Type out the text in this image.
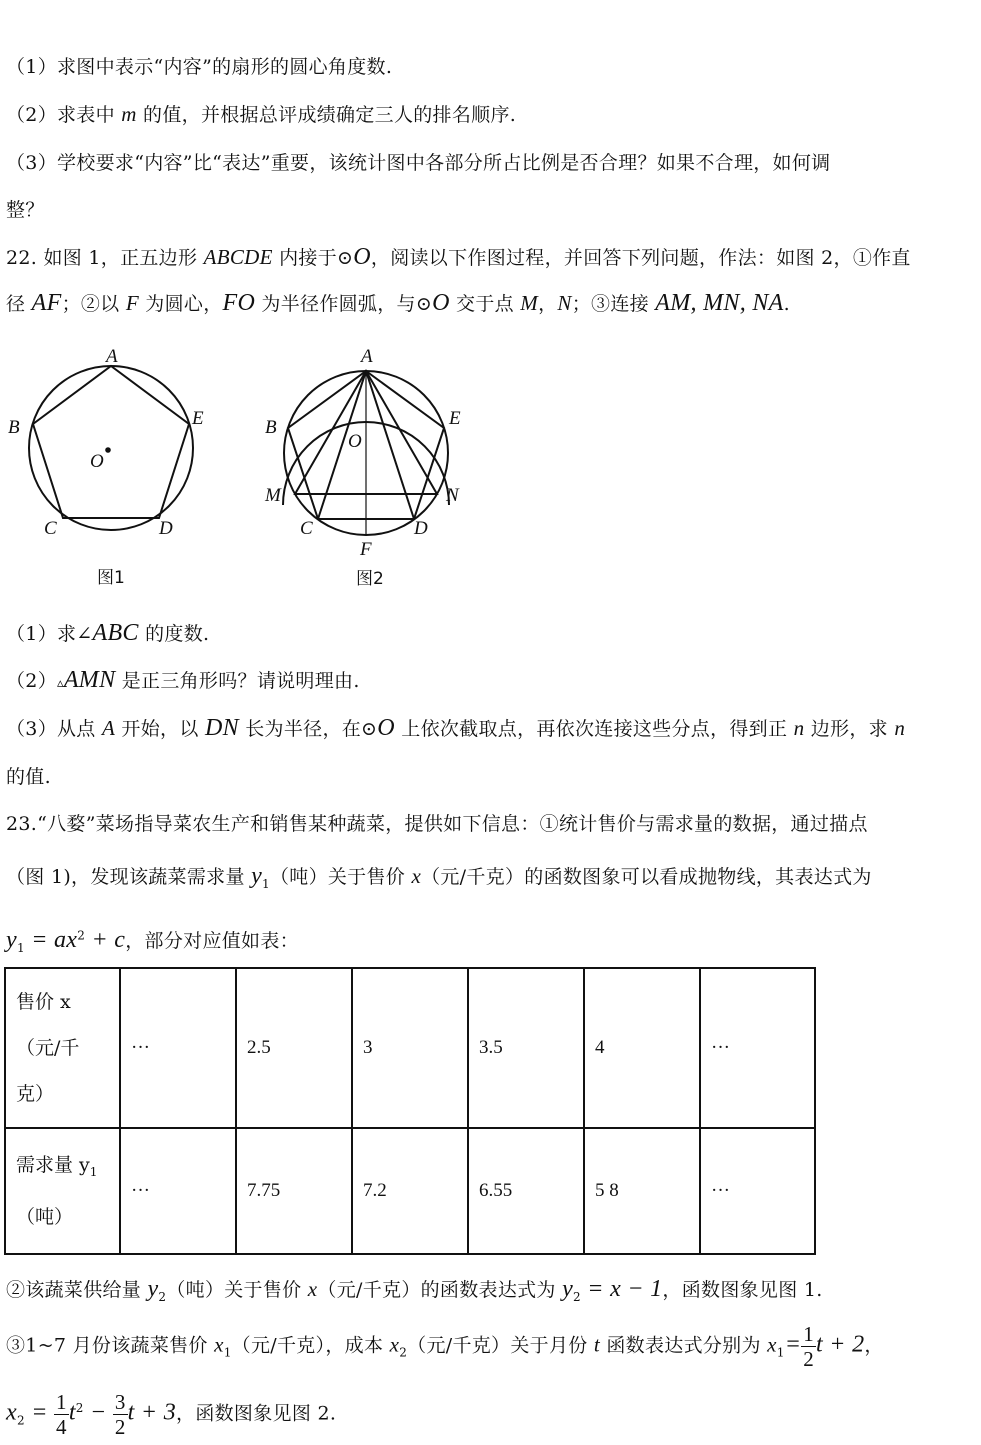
（1）求图中表示“内容”的扇形的圆心角度数.
（2）求表中 m 的值，并根据总评成绩确定三人的排名顺序.
（3）学校要求“内容”比“表达”重要，该统计图中各部分所占比例是否合理？如果不合理，如何调
整？
22. 如图 1，正五边形 ABCDE 内接于⊙O，阅读以下作图过程，并回答下列问题，作法：如图 2，①作直
径 AF；②以 F 为圆心，FO 为半径作圆弧，与⊙O 交于点 M，N；③连接 AM, MN, NA.
A
B	E
O
C	D
图1
A
B	E
O
M	N
C	D
F
图2
（1）求∠ABC 的度数.
（2）▵AMN 是正三角形吗？请说明理由.
（3）从点 A 开始，以 DN 长为半径，在⊙O 上依次截取点，再依次连接这些分点，得到正 n 边形，求 n
的值.
23.“八婺”菜场指导菜农生产和销售某种蔬菜，提供如下信息：①统计售价与需求量的数据，通过描点
（图 1)，发现该蔬菜需求量 $y_1$（吨）关于售价 x（元/千克）的函数图象可以看成抛物线，其表达式为
$y_1 = ax^2 + c$，部分对应值如表：
售价 x
（元/千
克）	···	2.5	3	3.5	4	···

需求量 $y_1$
（吨）	···	7.75	7.2	6.55	5 8	···
②该蔬菜供给量 $y_2$（吨）关于售价 x（元/千克）的函数表达式为 $y_2 = x - 1$，函数图象见图 1.
③1~7 月份该蔬菜售价 $x_1$（元/千克），成本 $x_2$（元/千克）关于月份 t 函数表达式分别为 $x_1= \frac{1}{2}$ t + 2，
$x_2 = \frac{1}{4} t^2 - \frac{3}{2}$ t + 3，函数图象见图 2.
